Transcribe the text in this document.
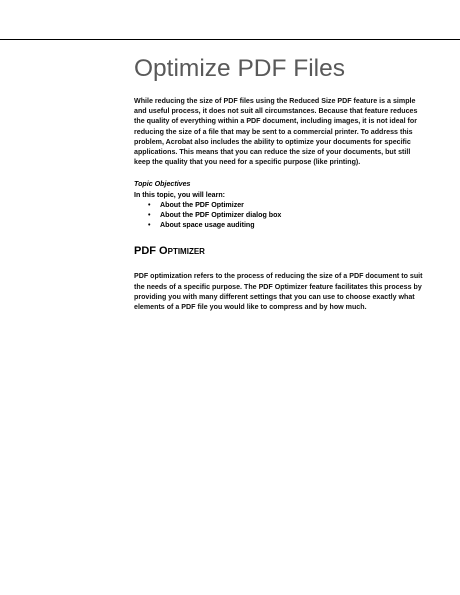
Optimize PDF Files

While reducing the size of PDF files using the Reduced Size PDF feature is a simple and useful process, it does not suit all circumstances. Because that feature reduces the quality of everything within a PDF document, including images, it is not ideal for reducing the size of a file that may be sent to a commercial printer. To address this problem, Acrobat also includes the ability to optimize your documents for specific applications. This means that you can reduce the size of your documents, but still keep the quality that you need for a specific purpose (like printing).

Topic Objectives

In this topic, you will learn:

• About the PDF Optimizer
• About the PDF Optimizer dialog box
• About space usage auditing
PDF Optimizer

PDF optimization refers to the process of reducing the size of a PDF document to suit the needs of a specific purpose. The PDF Optimizer feature facilitates this process by providing you with many different settings that you can use to choose exactly what elements of a PDF file you would like to compress and by how much.
